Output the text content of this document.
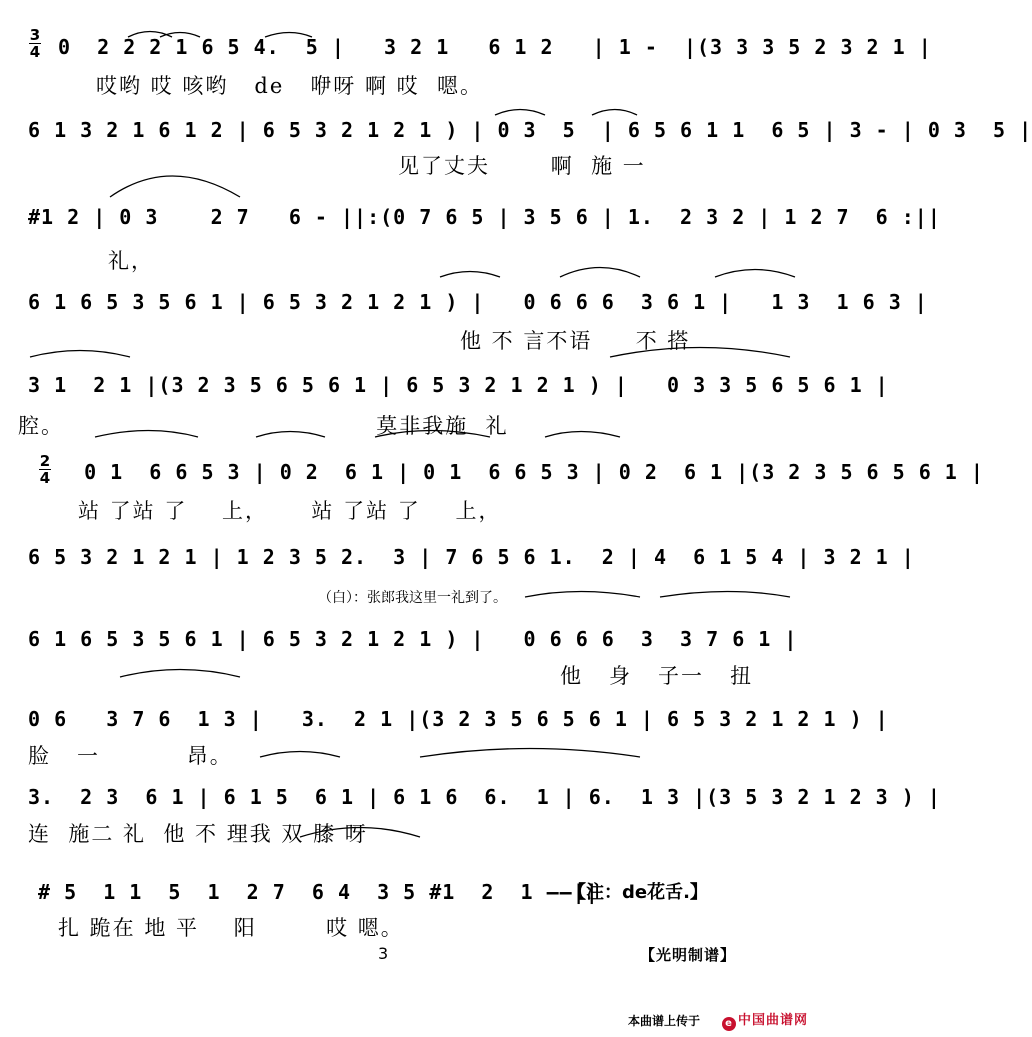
3
4 0  2 2 2 1 6 5 4.  5 |   3 2 1   6 1 2   | 1 -  |(3 3 3 5 2 3 2 1 |
哎哟 哎 咳哟   de   咿呀 啊 哎  嗯。
6 1 3 2 1 6 1 2 | 6 5 3 2 1 2 1 ) | 0 3  5  | 6 5 6 1 1  6 5 | 3 - | 0 3  5 |
见了丈夫       啊  施 一
#1 2 | 0 3    2 7   6 - ||:(0 7 6 5 | 3 5 6 | 1.  2 3 2 | 1 2 7  6 :||
礼，
6 1 6 5 3 5 6 1 | 6 5 3 2 1 2 1 ) |   0 6 6 6  3 6 1 |   1 3  1 6 3 |
他 不 言不语     不 搭
3 1  2 1 |(3 2 3 5 6 5 6 1 | 6 5 3 2 1 2 1 ) |   0 3 3 5 6 5 6 1 |
腔。                                    莫非我施  礼
2
4 0 1  6 6 5 3 | 0 2  6 1 | 0 1  6 6 5 3 | 0 2  6 1 |(3 2 3 5 6 5 6 1 |
站 了站 了    上，     站 了站 了    上，
6 5 3 2 1 2 1 | 1 2 3 5 2.  3 | 7 6 5 6 1.  2 | 4  6 1 5 4 | 3 2 1 |
（白）：张郎我这里一礼到了。
6 1 6 5 3 5 6 1 | 6 5 3 2 1 2 1 ) |   0 6 6 6  3  3 7 6 1 |
他   身   子一   扭
0 6   3 7 6  1 3 |   3.  2 1 |(3 2 3 5 6 5 6 1 | 6 5 3 2 1 2 1 ) |
脸   一          昂。
3.  2 3  6 1 | 6 1 5  6 1 | 6 1 6  6.  1 | 6.  1 3 |(3 5 3 2 1 2 3 ) |
连  施二 礼  他 不 理我 双 膝 呀
# 5  1 1  5  1  2 7  6 4  3 5 #1  2  1 ——||
【注：de花舌.】
扎 跪在 地 平    阳        哎 嗯。
3	【光明制谱】
本曲谱上传于	e 中国曲谱网
